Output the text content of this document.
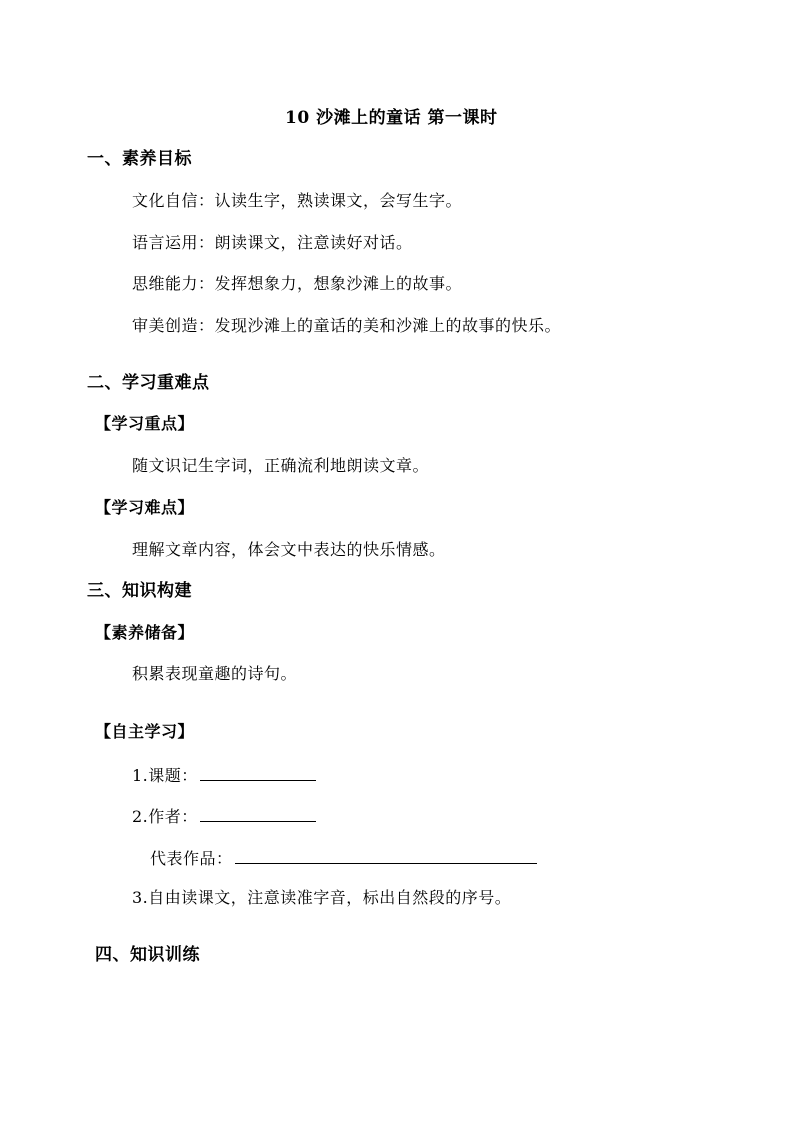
10 沙滩上的童话 第一课时
一、素养目标
文化自信：认读生字，熟读课文，会写生字。
语言运用：朗读课文，注意读好对话。
思维能力：发挥想象力，想象沙滩上的故事。
审美创造：发现沙滩上的童话的美和沙滩上的故事的快乐。
二、学习重难点
【学习重点】
随文识记生字词，正确流利地朗读文章。
【学习难点】
理解文章内容，体会文中表达的快乐情感。
三、知识构建
【素养储备】
积累表现童趣的诗句。
【自主学习】
1.课题：
2.作者：
代表作品：
3.自由读课文，注意读准字音，标出自然段的序号。
四、知识训练
